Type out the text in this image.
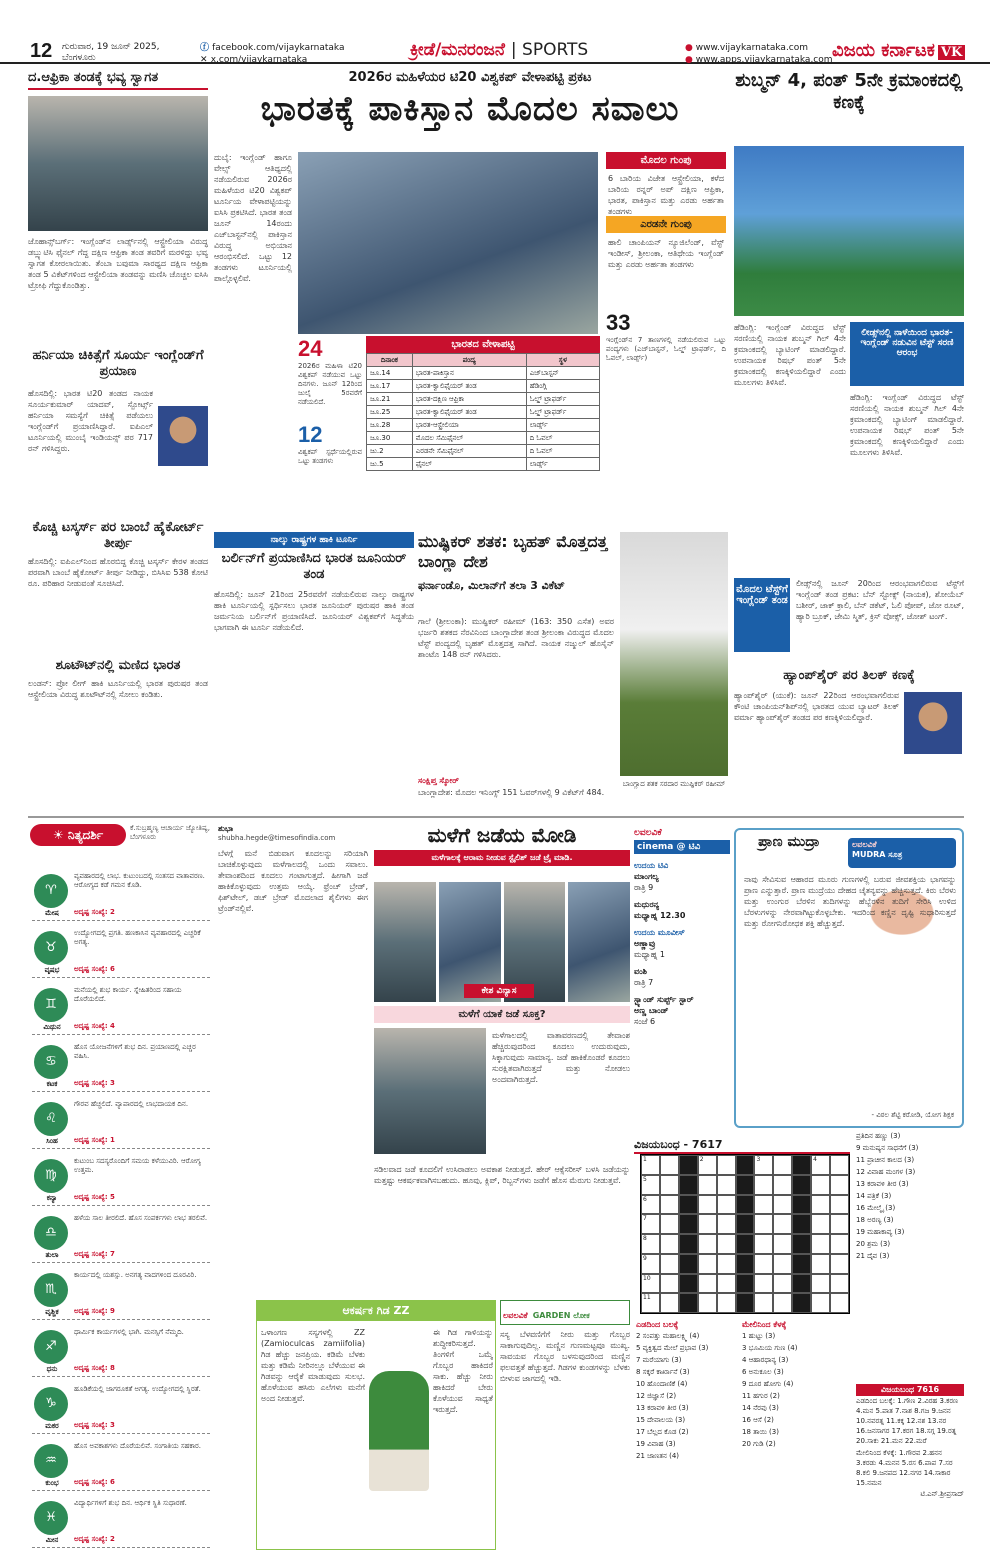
12 ಗುರುವಾರ, 19 ಜೂನ್ 2025,
ಬೆಂಗಳೂರು
ⓕ facebook.com/vijaykarnataka
✕ x.com/vijaykarnataka	ಕ್ರೀಡೆ/ಮನರಂಜನೆ | SPORTS	● www.vijaykarnataka.com
● www.apps.vijaykarnataka.com ವಿಜಯ ಕರ್ನಾಟಕ VK
ದ.ಆಫ್ರಿಕಾ ತಂಡಕ್ಕೆ ಭವ್ಯ ಸ್ವಾಗತ
ಜೊಹಾನ್ಸ್‌ಬರ್ಗ್: ಇಂಗ್ಲೆಂಡ್‌ನ ಲಾರ್ಡ್ಸ್‌ನಲ್ಲಿ ಆಸ್ಟ್ರೇಲಿಯಾ ವಿರುದ್ಧ ಡಬ್ಲ್ಯುಟಿಸಿ ಫೈನಲ್ ಗೆದ್ದ ದಕ್ಷಿಣ ಆಫ್ರಿಕಾ ತಂಡ ತವರಿಗೆ ಮರಳಿದ್ದು ಭವ್ಯ ಸ್ವಾಗತ ಕೋರಲಾಯಿತು. ತೆಂಬಾ ಬವುಮಾ ಸಾರಥ್ಯದ ದಕ್ಷಿಣ ಆಫ್ರಿಕಾ ತಂಡ 5 ವಿಕೆಟ್‌ಗಳಿಂದ ಆಸ್ಟ್ರೇಲಿಯಾ ತಂಡವನ್ನು ಮಣಿಸಿ ಚೊಚ್ಚಲ ಐಸಿಸಿ ಟ್ರೋಫಿ ಗೆದ್ದುಕೊಂಡಿತ್ತು.
ಹರ್ನಿಯಾ ಚಿಕಿತ್ಸೆಗೆ ಸೂರ್ಯ ಇಂಗ್ಲೆಂಡ್‌ಗೆ ಪ್ರಯಾಣ
ಹೊಸದಿಲ್ಲಿ: ಭಾರತ ಟಿ20 ತಂಡದ ನಾಯಕ ಸೂರ್ಯಕುಮಾರ್ ಯಾದವ್, ಸ್ಪೋರ್ಟ್ಸ್ ಹರ್ನಿಯಾ ಸಮಸ್ಯೆಗೆ ಚಿಕಿತ್ಸೆ ಪಡೆಯಲು ಇಂಗ್ಲೆಂಡ್‌ಗೆ ಪ್ರಯಾಣಿಸಿದ್ದಾರೆ. ಐಪಿಎಲ್ ಟೂರ್ನಿಯಲ್ಲಿ ಮುಂಬೈ ಇಂಡಿಯನ್ಸ್ ಪರ 717 ರನ್ ಗಳಿಸಿದ್ದರು.
ಕೊಚ್ಚಿ ಟಸ್ಕರ್ಸ್ ಪರ ಬಾಂಬೆ ಹೈಕೋರ್ಟ್ ತೀರ್ಪು
ಹೊಸದಿಲ್ಲಿ: ಐಪಿಎಲ್‌ನಿಂದ ಹೊರಬಿದ್ದ ಕೊಚ್ಚಿ ಟಸ್ಕರ್ಸ್ ಕೇರಳ ತಂಡದ ಪರವಾಗಿ ಬಾಂಬೆ ಹೈಕೋರ್ಟ್ ತೀರ್ಪು ನೀಡಿದ್ದು, ಬಿಸಿಸಿಐ 538 ಕೋಟಿ ರೂ. ಪರಿಹಾರ ನೀಡುವಂತೆ ಸೂಚಿಸಿದೆ.
ಶೂಟೌಟ್‌ನಲ್ಲಿ ಮಣಿದ ಭಾರತ
ಲಂಡನ್: ಪ್ರೋ ಲೀಗ್ ಹಾಕಿ ಟೂರ್ನಿಯಲ್ಲಿ ಭಾರತ ಪುರುಷರ ತಂಡ ಆಸ್ಟ್ರೇಲಿಯಾ ವಿರುದ್ಧ ಶೂಟೌಟ್‌ನಲ್ಲಿ ಸೋಲು ಕಂಡಿತು.
2026ರ ಮಹಿಳೆಯರ ಟಿ20 ವಿಶ್ವಕಪ್ ವೇಳಾಪಟ್ಟಿ ಪ್ರಕಟ
ಭಾರತಕ್ಕೆ ಪಾಕಿಸ್ತಾನ ಮೊದಲ ಸವಾಲು
ದುಬೈ: ಇಂಗ್ಲೆಂಡ್ ಹಾಗೂ ವೇಲ್ಸ್ ಆತಿಥ್ಯದಲ್ಲಿ ನಡೆಯಲಿರುವ 2026ರ ಮಹಿಳೆಯರ ಟಿ20 ವಿಶ್ವಕಪ್ ಟೂರ್ನಿಯ ವೇಳಾಪಟ್ಟಿಯನ್ನು ಐಸಿಸಿ ಪ್ರಕಟಿಸಿದೆ. ಭಾರತ ತಂಡ ಜೂನ್ 14ರಂದು ಎಜ್‌ಬಾಸ್ಟನ್‌ನಲ್ಲಿ ಪಾಕಿಸ್ತಾನ ವಿರುದ್ಧ ಅಭಿಯಾನ ಆರಂಭಿಸಲಿದೆ. ಒಟ್ಟು 12 ತಂಡಗಳು ಟೂರ್ನಿಯಲ್ಲಿ ಪಾಲ್ಗೊಳ್ಳಲಿವೆ.
24
2026ರ ಮಹಿಳಾ ಟಿ20 ವಿಶ್ವಕಪ್ ನಡೆಯುವ ಒಟ್ಟು ದಿನಗಳು. ಜೂನ್ 12ರಿಂದ ಜುಲೈ 5ರವರೆಗೆ ನಡೆಯಲಿದೆ.
12
ವಿಶ್ವಕಪ್ ಸ್ಪರ್ಧೆಯಲ್ಲಿರುವ ಒಟ್ಟು ತಂಡಗಳು
ಭಾರತದ ವೇಳಾಪಟ್ಟಿ
ದಿನಾಂಕ	ಪಂದ್ಯ	ಸ್ಥಳ
ಜೂ.14	ಭಾರತ-ಪಾಕಿಸ್ತಾನ	ಎಜ್‌ಬಾಸ್ಟನ್
ಜೂ.17	ಭಾರತ-ಕ್ವಾಲಿಫೈಯರ್ ತಂಡ	ಹೆಡಿಂಗ್ಲಿ
ಜೂ.21	ಭಾರತ-ದಕ್ಷಿಣ ಆಫ್ರಿಕಾ	ಓಲ್ಡ್ ಟ್ರಾಫರ್ಡ್
ಜೂ.25	ಭಾರತ-ಕ್ವಾಲಿಫೈಯರ್ ತಂಡ	ಓಲ್ಡ್ ಟ್ರಾಫರ್ಡ್
ಜೂ.28	ಭಾರತ-ಆಸ್ಟ್ರೇಲಿಯಾ	ಲಾರ್ಡ್ಸ್
ಜೂ.30	ಮೊದಲ ಸೆಮಿಫೈನಲ್	ದಿ ಓವಲ್
ಜು.2	ಎರಡನೇ ಸೆಮಿಫೈನಲ್	ದಿ ಓವಲ್
ಜು.5	ಫೈನಲ್	ಲಾರ್ಡ್ಸ್
ಮೊದಲ ಗುಂಪು
6 ಬಾರಿಯ ವಿಜೇತ ಆಸ್ಟ್ರೇಲಿಯಾ, ಕಳೆದ ಬಾರಿಯ ರನ್ನರ್ ಅಪ್ ದಕ್ಷಿಣ ಆಫ್ರಿಕಾ, ಭಾರತ, ಪಾಕಿಸ್ತಾನ ಮತ್ತು ಎರಡು ಅರ್ಹತಾ ತಂಡಗಳು
ಎರಡನೇ ಗುಂಪು
ಹಾಲಿ ಚಾಂಪಿಯನ್ ನ್ಯೂಜಿಲೆಂಡ್, ವೆಸ್ಟ್ ಇಂಡೀಸ್, ಶ್ರೀಲಂಕಾ, ಆತಿಥೇಯ ಇಂಗ್ಲೆಂಡ್ ಮತ್ತು ಎರಡು ಅರ್ಹತಾ ತಂಡಗಳು
33
ಇಂಗ್ಲೆಂಡ್‌ನ 7 ತಾಣಗಳಲ್ಲಿ ನಡೆಯಲಿರುವ ಒಟ್ಟು ಪಂದ್ಯಗಳು (ಎಜ್‌ಬಾಸ್ಟನ್, ಓಲ್ಡ್ ಟ್ರಾಫರ್ಡ್, ದಿ ಓವಲ್, ಲಾರ್ಡ್ಸ್)
ಶುಬ್ಮನ್ 4, ಪಂತ್ 5ನೇ ಕ್ರಮಾಂಕದಲ್ಲಿ ಕಣಕ್ಕೆ
ಹೆಡಿಂಗ್ಲಿ: ಇಂಗ್ಲೆಂಡ್ ವಿರುದ್ಧದ ಟೆಸ್ಟ್ ಸರಣಿಯಲ್ಲಿ ನಾಯಕ ಶುಬ್ಮನ್ ಗಿಲ್ 4ನೇ ಕ್ರಮಾಂಕದಲ್ಲಿ ಬ್ಯಾಟಿಂಗ್ ಮಾಡಲಿದ್ದಾರೆ. ಉಪನಾಯಕ ರಿಷಭ್ ಪಂತ್ 5ನೇ ಕ್ರಮಾಂಕದಲ್ಲಿ ಕಣಕ್ಕಿಳಿಯಲಿದ್ದಾರೆ ಎಂದು ಮೂಲಗಳು ತಿಳಿಸಿವೆ.
ಲೀಡ್ಸ್‌ನಲ್ಲಿ ನಾಳೆಯಿಂದ ಭಾರತ-ಇಂಗ್ಲೆಂಡ್ ನಡುವಿನ ಟೆಸ್ಟ್ ಸರಣಿ ಆರಂಭ
ಹೆಡಿಂಗ್ಲಿ: ಇಂಗ್ಲೆಂಡ್ ವಿರುದ್ಧದ ಟೆಸ್ಟ್ ಸರಣಿಯಲ್ಲಿ ನಾಯಕ ಶುಬ್ಮನ್ ಗಿಲ್ 4ನೇ ಕ್ರಮಾಂಕದಲ್ಲಿ ಬ್ಯಾಟಿಂಗ್ ಮಾಡಲಿದ್ದಾರೆ. ಉಪನಾಯಕ ರಿಷಭ್ ಪಂತ್ 5ನೇ ಕ್ರಮಾಂಕದಲ್ಲಿ ಕಣಕ್ಕಿಳಿಯಲಿದ್ದಾರೆ ಎಂದು ಮೂಲಗಳು ತಿಳಿಸಿವೆ.
ಮೊದಲ ಟೆಸ್ಟ್‌ಗೆ ಇಂಗ್ಲೆಂಡ್ ತಂಡ
ಲೀಡ್ಸ್‌ನಲ್ಲಿ ಜೂನ್ 20ರಿಂದ ಆರಂಭವಾಗಲಿರುವ ಟೆಸ್ಟ್‌ಗೆ ಇಂಗ್ಲೆಂಡ್ ತಂಡ ಪ್ರಕಟ: ಬೆನ್ ಸ್ಟೋಕ್ಸ್ (ನಾಯಕ), ಶೋಯೆಬ್ ಬಶೀರ್, ಜಾಕ್ ಕ್ರಾಲಿ, ಬೆನ್ ಡಕೆಟ್, ಓಲಿ ಪೋಪ್, ಜೋ ರೂಟ್, ಹ್ಯಾರಿ ಬ್ರೂಕ್, ಜೇಮಿ ಸ್ಮಿತ್, ಕ್ರಿಸ್ ವೋಕ್ಸ್, ಜೋಶ್ ಟಂಗ್.
ಹ್ಯಾಂಪ್‌ಶೈರ್ ಪರ ತಿಲಕ್ ಕಣಕ್ಕೆ
ಹ್ಯಾಂಪ್‌ಶೈರ್ (ಯುಕೆ): ಜೂನ್ 22ರಿಂದ ಆರಂಭವಾಗಲಿರುವ ಕೌಂಟಿ ಚಾಂಪಿಯನ್‌ಶಿಪ್‌ನಲ್ಲಿ ಭಾರತದ ಯುವ ಬ್ಯಾಟರ್ ತಿಲಕ್ ವರ್ಮಾ ಹ್ಯಾಂಪ್‌ಶೈರ್ ತಂಡದ ಪರ ಕಣಕ್ಕಿಳಿಯಲಿದ್ದಾರೆ.
ನಾಲ್ಕು ರಾಷ್ಟ್ರಗಳ ಹಾಕಿ ಟೂರ್ನಿ
ಬರ್ಲಿನ್‌ಗೆ ಪ್ರಯಾಣಿಸಿದ ಭಾರತ ಜೂನಿಯರ್ ತಂಡ
ಹೊಸದಿಲ್ಲಿ: ಜೂನ್ 21ರಿಂದ 25ರವರೆಗೆ ನಡೆಯಲಿರುವ ನಾಲ್ಕು ರಾಷ್ಟ್ರಗಳ ಹಾಕಿ ಟೂರ್ನಿಯಲ್ಲಿ ಸ್ಪರ್ಧಿಸಲು ಭಾರತ ಜೂನಿಯರ್ ಪುರುಷರ ಹಾಕಿ ತಂಡ ಜರ್ಮನಿಯ ಬರ್ಲಿನ್‌ಗೆ ಪ್ರಯಾಣಿಸಿದೆ. ಜೂನಿಯರ್ ವಿಶ್ವಕಪ್‌ಗೆ ಸಿದ್ಧತೆಯ ಭಾಗವಾಗಿ ಈ ಟೂರ್ನಿ ನಡೆಯಲಿದೆ.
ಮುಷ್ಫಿಕರ್ ಶತಕ: ಬೃಹತ್ ಮೊತ್ತದತ್ತ ಬಾಂಗ್ಲಾ ದೇಶ
ಫರ್ನಾಂಡೊ, ಮಿಲಾನ್‌ಗೆ ತಲಾ 3 ವಿಕೆಟ್
ಗಾಲೆ (ಶ್ರೀಲಂಕಾ): ಮುಷ್ಫಿಕರ್ ರಹೀಮ್ (163: 350 ಎಸೆತ) ಅವರ ಭರ್ಜರಿ ಶತಕದ ನೆರವಿನಿಂದ ಬಾಂಗ್ಲಾದೇಶ ತಂಡ ಶ್ರೀಲಂಕಾ ವಿರುದ್ಧದ ಮೊದಲ ಟೆಸ್ಟ್ ಪಂದ್ಯದಲ್ಲಿ ಬೃಹತ್ ಮೊತ್ತದತ್ತ ಸಾಗಿದೆ. ನಾಯಕ ನಜ್ಮುಲ್ ಹೊಸೈನ್ ಶಾಂಟೊ 148 ರನ್ ಗಳಿಸಿದರು.
ಸಂಕ್ಷಿಪ್ತ ಸ್ಕೋರ್
ಬಾಂಗ್ಲಾದೇಶ: ಮೊದಲ ಇನಿಂಗ್ಸ್ 151 ಓವರ್‌ಗಳಲ್ಲಿ 9 ವಿಕೆಟ್‌ಗೆ 484.
ಬಾಂಗ್ಲಾದ ಶತಕ ಸರದಾರ ಮುಷ್ಫಿಕರ್ ರಹೀಮ್
☀ ನಿತ್ಯದರ್ಶಿ	ಕೆ.ಸುಬ್ರಹ್ಮಣ್ಯ ಆಚಾರ್ಯ ಜ್ಯೋತಿಷ್ಯ, ಬೆಂಗಳೂರು
♈
ಮೇಷ
ವ್ಯವಹಾರದಲ್ಲಿ ಲಾಭ. ಕುಟುಂಬದಲ್ಲಿ ಸಂತಸದ ವಾತಾವರಣ. ಆರೋಗ್ಯದ ಕಡೆ ಗಮನ ಕೊಡಿ.
ಅದೃಷ್ಟ ಸಂಖ್ಯೆ: 2
♉
ವೃಷಭ
ಉದ್ಯೋಗದಲ್ಲಿ ಪ್ರಗತಿ. ಹಣಕಾಸಿನ ವ್ಯವಹಾರದಲ್ಲಿ ಎಚ್ಚರಿಕೆ ಅಗತ್ಯ.
ಅದೃಷ್ಟ ಸಂಖ್ಯೆ: 6
♊
ಮಿಥುನ
ಮನೆಯಲ್ಲಿ ಶುಭ ಕಾರ್ಯ. ಸ್ನೇಹಿತರಿಂದ ಸಹಾಯ ದೊರೆಯಲಿದೆ.
ಅದೃಷ್ಟ ಸಂಖ್ಯೆ: 4
♋
ಕಟಕ
ಹೊಸ ಯೋಜನೆಗಳಿಗೆ ಶುಭ ದಿನ. ಪ್ರಯಾಣದಲ್ಲಿ ಎಚ್ಚರ ವಹಿಸಿ.
ಅದೃಷ್ಟ ಸಂಖ್ಯೆ: 3
♌
ಸಿಂಹ
ಗೌರವ ಹೆಚ್ಚಲಿದೆ. ವ್ಯಾಪಾರದಲ್ಲಿ ಲಾಭದಾಯಕ ದಿನ.
ಅದೃಷ್ಟ ಸಂಖ್ಯೆ: 1
♍
ಕನ್ಯಾ
ಕುಟುಂಬ ಸದಸ್ಯರೊಂದಿಗೆ ಸಮಯ ಕಳೆಯುವಿರಿ. ಆರೋಗ್ಯ ಉತ್ತಮ.
ಅದೃಷ್ಟ ಸಂಖ್ಯೆ: 5
♎
ತುಲಾ
ಹಳೆಯ ಸಾಲ ತೀರಲಿದೆ. ಹೊಸ ಸಂಪರ್ಕಗಳು ಲಾಭ ತರಲಿವೆ.
ಅದೃಷ್ಟ ಸಂಖ್ಯೆ: 7
♏
ವೃಶ್ಚಿಕ
ಕಾರ್ಯದಲ್ಲಿ ಯಶಸ್ಸು. ಅನಗತ್ಯ ವಾದಗಳಿಂದ ದೂರವಿರಿ.
ಅದೃಷ್ಟ ಸಂಖ್ಯೆ: 9
♐
ಧನು
ಧಾರ್ಮಿಕ ಕಾರ್ಯಗಳಲ್ಲಿ ಭಾಗಿ. ಮನಸ್ಸಿಗೆ ನೆಮ್ಮದಿ.
ಅದೃಷ್ಟ ಸಂಖ್ಯೆ: 8
♑
ಮಕರ
ಹೂಡಿಕೆಯಲ್ಲಿ ಜಾಗರೂಕತೆ ಅಗತ್ಯ. ಉದ್ಯೋಗದಲ್ಲಿ ಸ್ಥಿರತೆ.
ಅದೃಷ್ಟ ಸಂಖ್ಯೆ: 3
♒
ಕುಂಭ
ಹೊಸ ಅವಕಾಶಗಳು ದೊರೆಯಲಿವೆ. ಸಂಗಾತಿಯ ಸಹಕಾರ.
ಅದೃಷ್ಟ ಸಂಖ್ಯೆ: 6
♓
ಮೀನ
ವಿದ್ಯಾರ್ಥಿಗಳಿಗೆ ಶುಭ ದಿನ. ಆರ್ಥಿಕ ಸ್ಥಿತಿ ಸುಧಾರಣೆ.
ಅದೃಷ್ಟ ಸಂಖ್ಯೆ: 2
ಶುಭಾ
shubha.hegde@timesofindia.com
ಬೆಳಗ್ಗೆ ಮನೆ ಬಿಡುವಾಗ ಕೂದಲನ್ನು ಸರಿಯಾಗಿ ಬಾಚಿಕೊಳ್ಳುವುದು ಮಳೆಗಾಲದಲ್ಲಿ ಒಂದು ಸವಾಲು. ತೇವಾಂಶದಿಂದ ಕೂದಲು ಗಂಟಾಗುತ್ತದೆ. ಹೀಗಾಗಿ ಜಡೆ ಹಾಕಿಕೊಳ್ಳುವುದು ಉತ್ತಮ ಆಯ್ಕೆ. ಫ್ರೆಂಚ್ ಬ್ರೇಡ್, ಫಿಶ್‌ಟೇಲ್, ಡಚ್ ಬ್ರೇಡ್ ಮೊದಲಾದ ಶೈಲಿಗಳು ಈಗ ಟ್ರೆಂಡ್‌ನಲ್ಲಿವೆ.
ಮಳೆಗೆ ಜಡೆಯ ಮೋಡಿ
ಮಳೆಗಾಲಕ್ಕೆ ಆರಾಮ ನೀಡುವ ಸ್ಟೈಲಿಶ್ ಜಡೆ ಟ್ರೈ ಮಾಡಿ.
ಕೇಶ ವಿನ್ಯಾಸ
ಮಳೆಗೆ ಯಾಕೆ ಜಡೆ ಸೂಕ್ತ?
ಮಳೆಗಾಲದಲ್ಲಿ ವಾತಾವರಣದಲ್ಲಿ ತೇವಾಂಶ ಹೆಚ್ಚಿರುವುದರಿಂದ ಕೂದಲು ಉದುರುವುದು, ಸಿಕ್ಕಾಗುವುದು ಸಾಮಾನ್ಯ. ಜಡೆ ಹಾಕಿಕೊಂಡರೆ ಕೂದಲು ಸುರಕ್ಷಿತವಾಗಿರುತ್ತದೆ ಮತ್ತು ನೋಡಲು ಅಂದವಾಗಿರುತ್ತದೆ.
ಸಡಿಲವಾದ ಜಡೆ ಕೂದಲಿಗೆ ಉಸಿರಾಡಲು ಅವಕಾಶ ನೀಡುತ್ತದೆ. ಹೇರ್ ಆಕ್ಸೆಸರೀಸ್ ಬಳಸಿ ಜಡೆಯನ್ನು ಮತ್ತಷ್ಟು ಆಕರ್ಷಕವಾಗಿಸಬಹುದು. ಹೂವು, ಕ್ಲಿಪ್, ರಿಬ್ಬನ್‌ಗಳು ಜಡೆಗೆ ಹೊಸ ಮೆರುಗು ನೀಡುತ್ತವೆ.
ಲವಲವಿಕೆ
cinema @ ಟಿವಿ
ಉದಯ ಟಿವಿ
ಮಾಂಗಲ್ಯ
ರಾತ್ರಿ 9
ಮಧುರನ್ಯ
ಮಧ್ಯಾಹ್ನ 12.30
ಉದಯ ಮೂವೀಸ್
ಅಣ್ಣಾವ್ರು
ಮಧ್ಯಾಹ್ನ 1
ವಂಶಿ
ರಾತ್ರಿ 7
ಸ್ಟ್ಯಾಂಡ್ ಸುರ್ಪ್ಟ್ ಸ್ಟಾರ್
ಅಣ್ಣ ಬಾಂಡ್
ಸಂಜೆ 6
ಪ್ರಾಣ ಮುದ್ರಾ	ಲವಲವಿಕೆ
MUDRA ಸೂತ್ರ
ನಾವು ಸೇವಿಸುವ ಆಹಾರದ ಮೂರು ಗುಣಗಳಲ್ಲಿ ಬರುವ ಜೀವಶಕ್ತಿಯ ಭಾಗವನ್ನು ಪ್ರಾಣ ಎನ್ನುತ್ತಾರೆ. ಪ್ರಾಣ ಮುದ್ರೆಯು ದೇಹದ ಚೈತನ್ಯವನ್ನು ಹೆಚ್ಚಿಸುತ್ತದೆ. ಕಿರು ಬೆರಳು ಮತ್ತು ಉಂಗುರ ಬೆರಳಿನ ತುದಿಗಳನ್ನು ಹೆಬ್ಬೆರಳಿನ ತುದಿಗೆ ಸೇರಿಸಿ ಉಳಿದ ಬೆರಳುಗಳನ್ನು ನೇರವಾಗಿಟ್ಟುಕೊಳ್ಳಬೇಕು. ಇದರಿಂದ ಕಣ್ಣಿನ ದೃಷ್ಟಿ ಸುಧಾರಿಸುತ್ತದೆ ಮತ್ತು ರೋಗನಿರೋಧಕ ಶಕ್ತಿ ಹೆಚ್ಚುತ್ತದೆ.
- ವಿಠಲ ಶೆಟ್ಟಿ ಕರೋಡಿ, ಯೋಗ ಶಿಕ್ಷಕ
ವಿಜಯಬಂಧ - 7617
1	2	3	4
5
6
7
8
9
10
11
ಎಡದಿಂದ ಬಲಕ್ಕೆ
2 ಸಂಪತ್ತು ಮಹಾಲಕ್ಷ್ಮಿ (4)
5 ವ್ಯಕ್ತಿತ್ವದ ಮೇಲೆ ಪ್ರಭಾವ (3)
7 ಮರೆಯಾಗು (3)
8 ಸಕ್ಕರೆ ಕಾರ್ಖಾನೆ (3)
10 ಹೊಂದಾಣಿಕೆ (4)
12 ಜಿಜ್ಞಾಸೆ (2)
13 ಕರಾವಳಿ ತೀರ (3)
15 ದೇವಾಲಯ (3)
17 ಬೆಲ್ಲದ ಕೊಡ (2)
19 ವಿವಾಹ (3)
21 ಜಾಣತನ (4)
ಮೇಲಿನಿಂದ ಕೆಳಕ್ಕೆ
1 ಹುಟ್ಟು (3)
3 ಭೂಮಿಯ ಗುಣ (4)
4 ಆಹಾರಧಾನ್ಯ (3)
6 ಅನುಕೂಲ (3)
9 ದೂರ ಹೋಗು (4)
11 ಹಗುರ (2)
14 ನೆರವು (3)
16 ಆಸೆ (2)
18 ತಾಯಿ (3)
20 ಗುಡಿ (2)
ಪ್ರತಿದಿನ ಹಣ್ಣು (3)
9 ಮನುಷ್ಯನ ಸಾಧನೆಗೆ (3)
11 ಪ್ರಾಚೀನ ಕಾಲದ (3)
12 ವಿವಾಹ ಮಂಗಳ (3)
13 ಕರಾವಳಿ ತೀರ (3)
14 ಪತ್ರಿಕೆ (3)
16 ಮೇಲ್ಮೈ (3)
18 ಅರಣ್ಯ (3)
19 ಮಹಾಕಾವ್ಯ (3)
20 ಶ್ರಮ (3)
21 ದೈವ (3)
ವಿಜಯಬಂಧ 7616
ಎಡದಿಂದ ಬಲಕ್ಕೆ: 1.ಗೌಣ 2.ವಿರಹ 3.ಕರಣ 4.ಮನ 5.ಪಾತ 7.ನಾಶ 8.ಗಜ 9.ಜನನ 10.ನವರತ್ನ 11.ಕಕ್ಕ 12.ನಶ 13.ನರ 16.ಜನಸಾಗರ 17.ಕರಗ 18.ಸಗ್ಗ 19.ರತ್ನ 20.ಸಾಕು 21.ಮನ 22.ಮರೆ
ಮೇಲಿನಿಂದ ಕೆಳಕ್ಕೆ: 1.ಗೌರವ 2.ಹನನ 3.ಕರಡು 4.ಮನನ 5.ರಸ 6.ಪಾಪ 7.ಸರ 8.ಕಲಿ 9.ಜನಪದ 12.ನಗರ 14.ಸಾಕಾರ 15.ನಮನ
ಟಿ.ಎನ್.ಶ್ರೀಪ್ರಸಾದ್
ಆಕರ್ಷಕ ಗಿಡ ZZ
ಒಳಾಂಗಣ ಸಸ್ಯಗಳಲ್ಲಿ ZZ (Zamioculcas zamiifolia) ಗಿಡ ಹೆಚ್ಚು ಜನಪ್ರಿಯ. ಕಡಿಮೆ ಬೆಳಕು ಮತ್ತು ಕಡಿಮೆ ನೀರಿನಲ್ಲೂ ಬೆಳೆಯುವ ಈ ಗಿಡವನ್ನು ಆರೈಕೆ ಮಾಡುವುದು ಸುಲಭ. ಹೊಳೆಯುವ ಹಸಿರು ಎಲೆಗಳು ಮನೆಗೆ ಅಂದ ನೀಡುತ್ತವೆ.
ಈ ಗಿಡ ಗಾಳಿಯನ್ನು ಶುದ್ಧೀಕರಿಸುತ್ತದೆ. ತಿಂಗಳಿಗೆ ಒಮ್ಮೆ ಗೊಬ್ಬರ ಹಾಕಿದರೆ ಸಾಕು. ಹೆಚ್ಚು ನೀರು ಹಾಕಿದರೆ ಬೇರು ಕೊಳೆಯುವ ಸಾಧ್ಯತೆ ಇರುತ್ತದೆ.
ಲವಲವಿಕೆ GARDEN ಲೋಕ
ಸಸ್ಯ ಬೆಳವಣಿಗೆಗೆ ನೀರು ಮತ್ತು ಗೊಬ್ಬರ ಸಾಕಾಗುವುದಿಲ್ಲ. ಮಣ್ಣಿನ ಗುಣಮಟ್ಟವೂ ಮುಖ್ಯ. ಸಾವಯವ ಗೊಬ್ಬರ ಬಳಸುವುದರಿಂದ ಮಣ್ಣಿನ ಫಲವತ್ತತೆ ಹೆಚ್ಚುತ್ತದೆ. ಗಿಡಗಳ ಕುಂಡಗಳನ್ನು ಬೆಳಕು ಬೀಳುವ ಜಾಗದಲ್ಲಿ ಇಡಿ.
